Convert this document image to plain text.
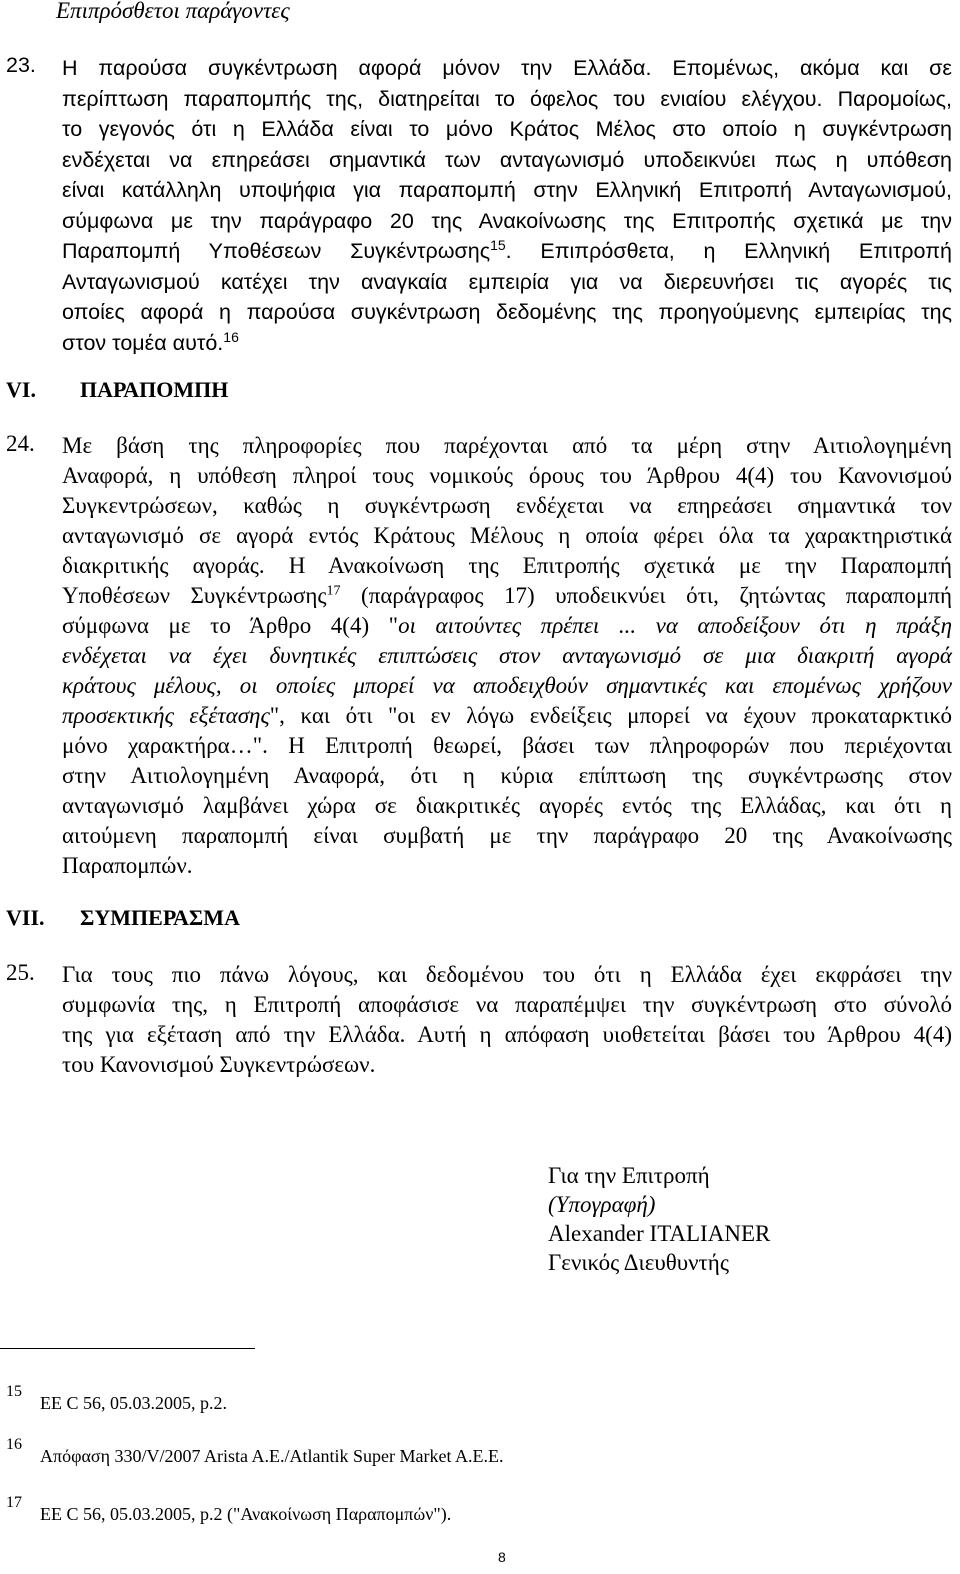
Επιπρόσθετοι παράγοντες
23. Η παρούσα συγκέντρωση αφορά μόνον την Ελλάδα. Επομένως, ακόμα και σε
περίπτωση παραπομπής της, διατηρείται το όφελος του ενιαίου ελέγχου. Παρομοίως,
το γεγονός ότι η Ελλάδα είναι το μόνο Κράτος Μέλος στο οποίο η συγκέντρωση
ενδέχεται να επηρεάσει σημαντικά των ανταγωνισμό υποδεικνύει πως η υπόθεση
είναι κατάλληλη υποψήφια για παραπομπή στην Ελληνική Επιτροπή Ανταγωνισμού,
σύμφωνα με την παράγραφο 20 της Ανακοίνωσης της Επιτροπής σχετικά με την
Παραπομπή Υποθέσεων Συγκέντρωσης$^{15}$. Επιπρόσθετα, η Ελληνική Επιτροπή
Ανταγωνισμού κατέχει την αναγκαία εμπειρία για να διερευνήσει τις αγορές τις
οποίες αφορά η παρούσα συγκέντρωση δεδομένης της προηγούμενης εμπειρίας της
στον τομέα αυτό.$^{16}$
VI. ΠΑΡΑΠΟΜΠΗ
24. Με βάση της πληροφορίες που παρέχονται από τα μέρη στην Αιτιολογημένη
Αναφορά, η υπόθεση πληροί τους νομικούς όρους του Άρθρου 4(4) του Κανονισμού
Συγκεντρώσεων, καθώς η συγκέντρωση ενδέχεται να επηρεάσει σημαντικά τον
ανταγωνισμό σε αγορά εντός Κράτους Μέλους η οποία φέρει όλα τα χαρακτηριστικά
διακριτικής αγοράς. Η Ανακοίνωση της Επιτροπής σχετικά με την Παραπομπή
Υποθέσεων Συγκέντρωσης$^{17}$ (παράγραφος 17) υποδεικνύει ότι, ζητώντας παραπομπή
σύμφωνα με το Άρθρο 4(4) "οι αιτούντες πρέπει ... να αποδείξουν ότι η πράξη
ενδέχεται να έχει δυνητικές επιπτώσεις στον ανταγωνισμό σε μια διακριτή αγορά
κράτους μέλους, οι οποίες μπορεί να αποδειχθούν σημαντικές και επομένως χρήζουν
προσεκτικής εξέτασης", και ότι "οι εν λόγω ενδείξεις μπορεί να έχουν προκαταρκτικό
μόνο χαρακτήρα…". Η Επιτροπή θεωρεί, βάσει των πληροφορών που περιέχονται
στην Αιτιολογημένη Αναφορά, ότι η κύρια επίπτωση της συγκέντρωσης στον
ανταγωνισμό λαμβάνει χώρα σε διακριτικές αγορές εντός της Ελλάδας, και ότι η
αιτούμενη παραπομπή είναι συμβατή με την παράγραφο 20 της Ανακοίνωσης
Παραπομπών.
VII. ΣΥΜΠΕΡΑΣΜΑ
25. Για τους πιο πάνω λόγους, και δεδομένου του ότι η Ελλάδα έχει εκφράσει την
συμφωνία της, η Επιτροπή αποφάσισε να παραπέμψει την συγκέντρωση στο σύνολό
της για εξέταση από την Ελλάδα. Αυτή η απόφαση υιοθετείται βάσει του Άρθρου 4(4)
του Κανονισμού Συγκεντρώσεων.
Για την Επιτροπή
(Υπογραφή)
Alexander ITALIANER
Γενικός Διευθυντής
15
EE C 56, 05.03.2005, p.2.
16
Απόφαση 330/V/2007 Arista A.E./Atlantik Super Market A.E.E.
17
EE C 56, 05.03.2005, p.2 ("Ανακοίνωση Παραπομπών").
8
